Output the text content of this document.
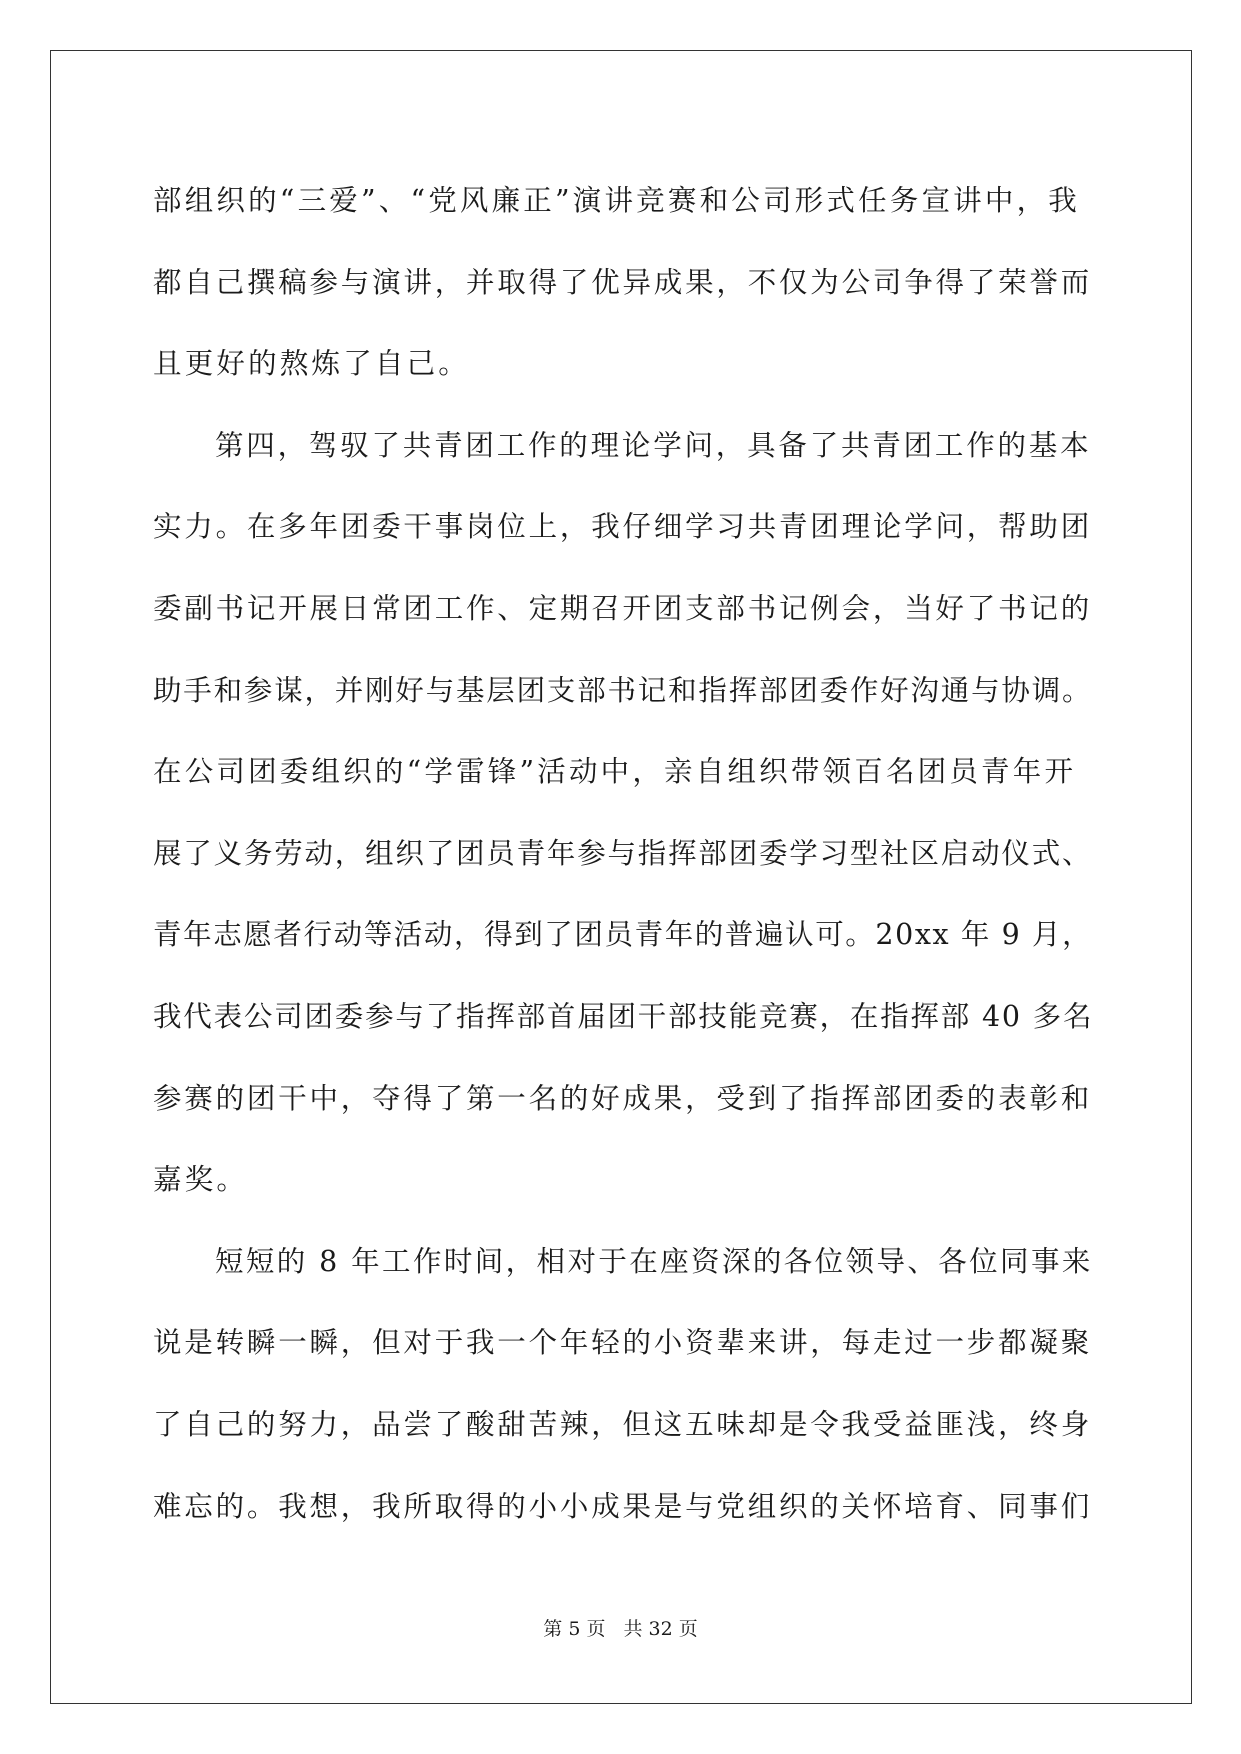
部组织的“三爱”、“党风廉正”演讲竞赛和公司形式任务宣讲中，我
都自己撰稿参与演讲，并取得了优异成果，不仅为公司争得了荣誉而
且更好的熬炼了自己。

第四，驾驭了共青团工作的理论学问，具备了共青团工作的基本
实力。在多年团委干事岗位上，我仔细学习共青团理论学问，帮助团
委副书记开展日常团工作、定期召开团支部书记例会，当好了书记的
助手和参谋，并刚好与基层团支部书记和指挥部团委作好沟通与协调。
在公司团委组织的“学雷锋”活动中，亲自组织带领百名团员青年开
展了义务劳动，组织了团员青年参与指挥部团委学习型社区启动仪式、
青年志愿者行动等活动，得到了团员青年的普遍认可。20xx 年 9 月，
我代表公司团委参与了指挥部首届团干部技能竞赛，在指挥部 40 多名
参赛的团干中，夺得了第一名的好成果，受到了指挥部团委的表彰和
嘉奖。

短短的 8 年工作时间，相对于在座资深的各位领导、各位同事来
说是转瞬一瞬，但对于我一个年轻的小资辈来讲，每走过一步都凝聚
了自己的努力，品尝了酸甜苦辣，但这五味却是令我受益匪浅，终身
难忘的。我想，我所取得的小小成果是与党组织的关怀培育、同事们

第 5 页 共 32 页
